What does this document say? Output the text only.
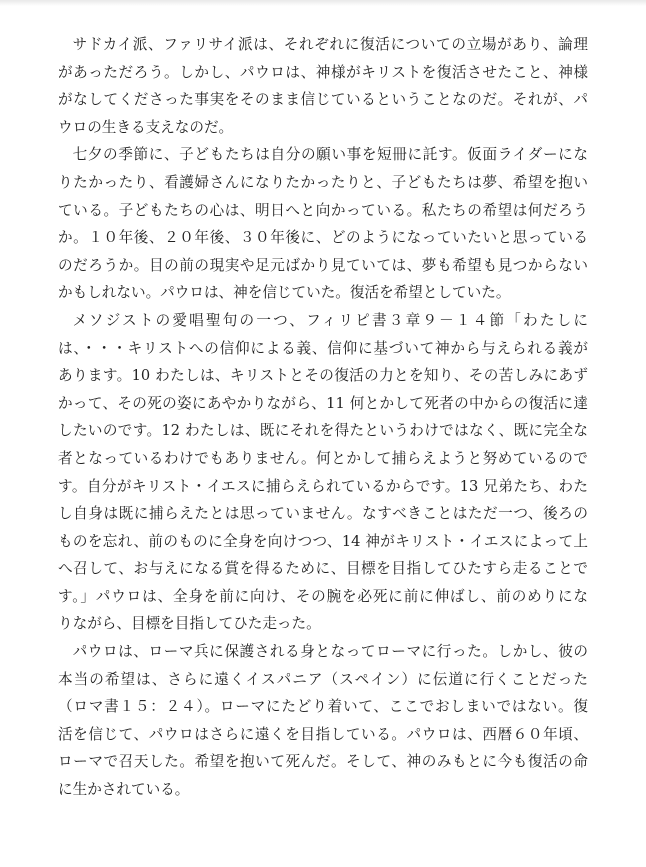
サドカイ派、ファリサイ派は、それぞれに復活についての立場があり、論理
があっただろう。しかし、パウロは、神様がキリストを復活させたこと、神様
がなしてくださった事実をそのまま信じているということなのだ。それが、パ
ウロの生きる支えなのだ。
七夕の季節に、子どもたちは自分の願い事を短冊に託す。仮面ライダーにな
りたかったり、看護婦さんになりたかったりと、子どもたちは夢、希望を抱い
ている。子どもたちの心は、明日へと向かっている。私たちの希望は何だろう
か。１０年後、２０年後、３０年後に、どのようになっていたいと思っている
のだろうか。目の前の現実や足元ばかり見ていては、夢も希望も見つからない
かもしれない。パウロは、神を信じていた。復活を希望としていた。
メソジストの愛唱聖句の一つ、フィリピ書３章９－１４節「わたしに
は、・・・キリストへの信仰による義、信仰に基づいて神から与えられる義が
あります。10 わたしは、キリストとその復活の力とを知り、その苦しみにあず
かって、その死の姿にあやかりながら、11 何とかして死者の中からの復活に達
したいのです。12 わたしは、既にそれを得たというわけではなく、既に完全な
者となっているわけでもありません。何とかして捕らえようと努めているので
す。自分がキリスト・イエスに捕らえられているからです。13 兄弟たち、わた
し自身は既に捕らえたとは思っていません。なすべきことはただ一つ、後ろの
ものを忘れ、前のものに全身を向けつつ、14 神がキリスト・イエスによって上
へ召して、お与えになる賞を得るために、目標を目指してひたすら走ることで
す。」パウロは、全身を前に向け、その腕を必死に前に伸ばし、前のめりにな
りながら、目標を目指してひた走った。
パウロは、ローマ兵に保護される身となってローマに行った。しかし、彼の
本当の希望は、さらに遠くイスパニア（スペイン）に伝道に行くことだった
（ロマ書１５：２４）。ローマにたどり着いて、ここでおしまいではない。復
活を信じて、パウロはさらに遠くを目指している。パウロは、西暦６０年頃、
ローマで召天した。希望を抱いて死んだ。そして、神のみもとに今も復活の命
に生かされている。
